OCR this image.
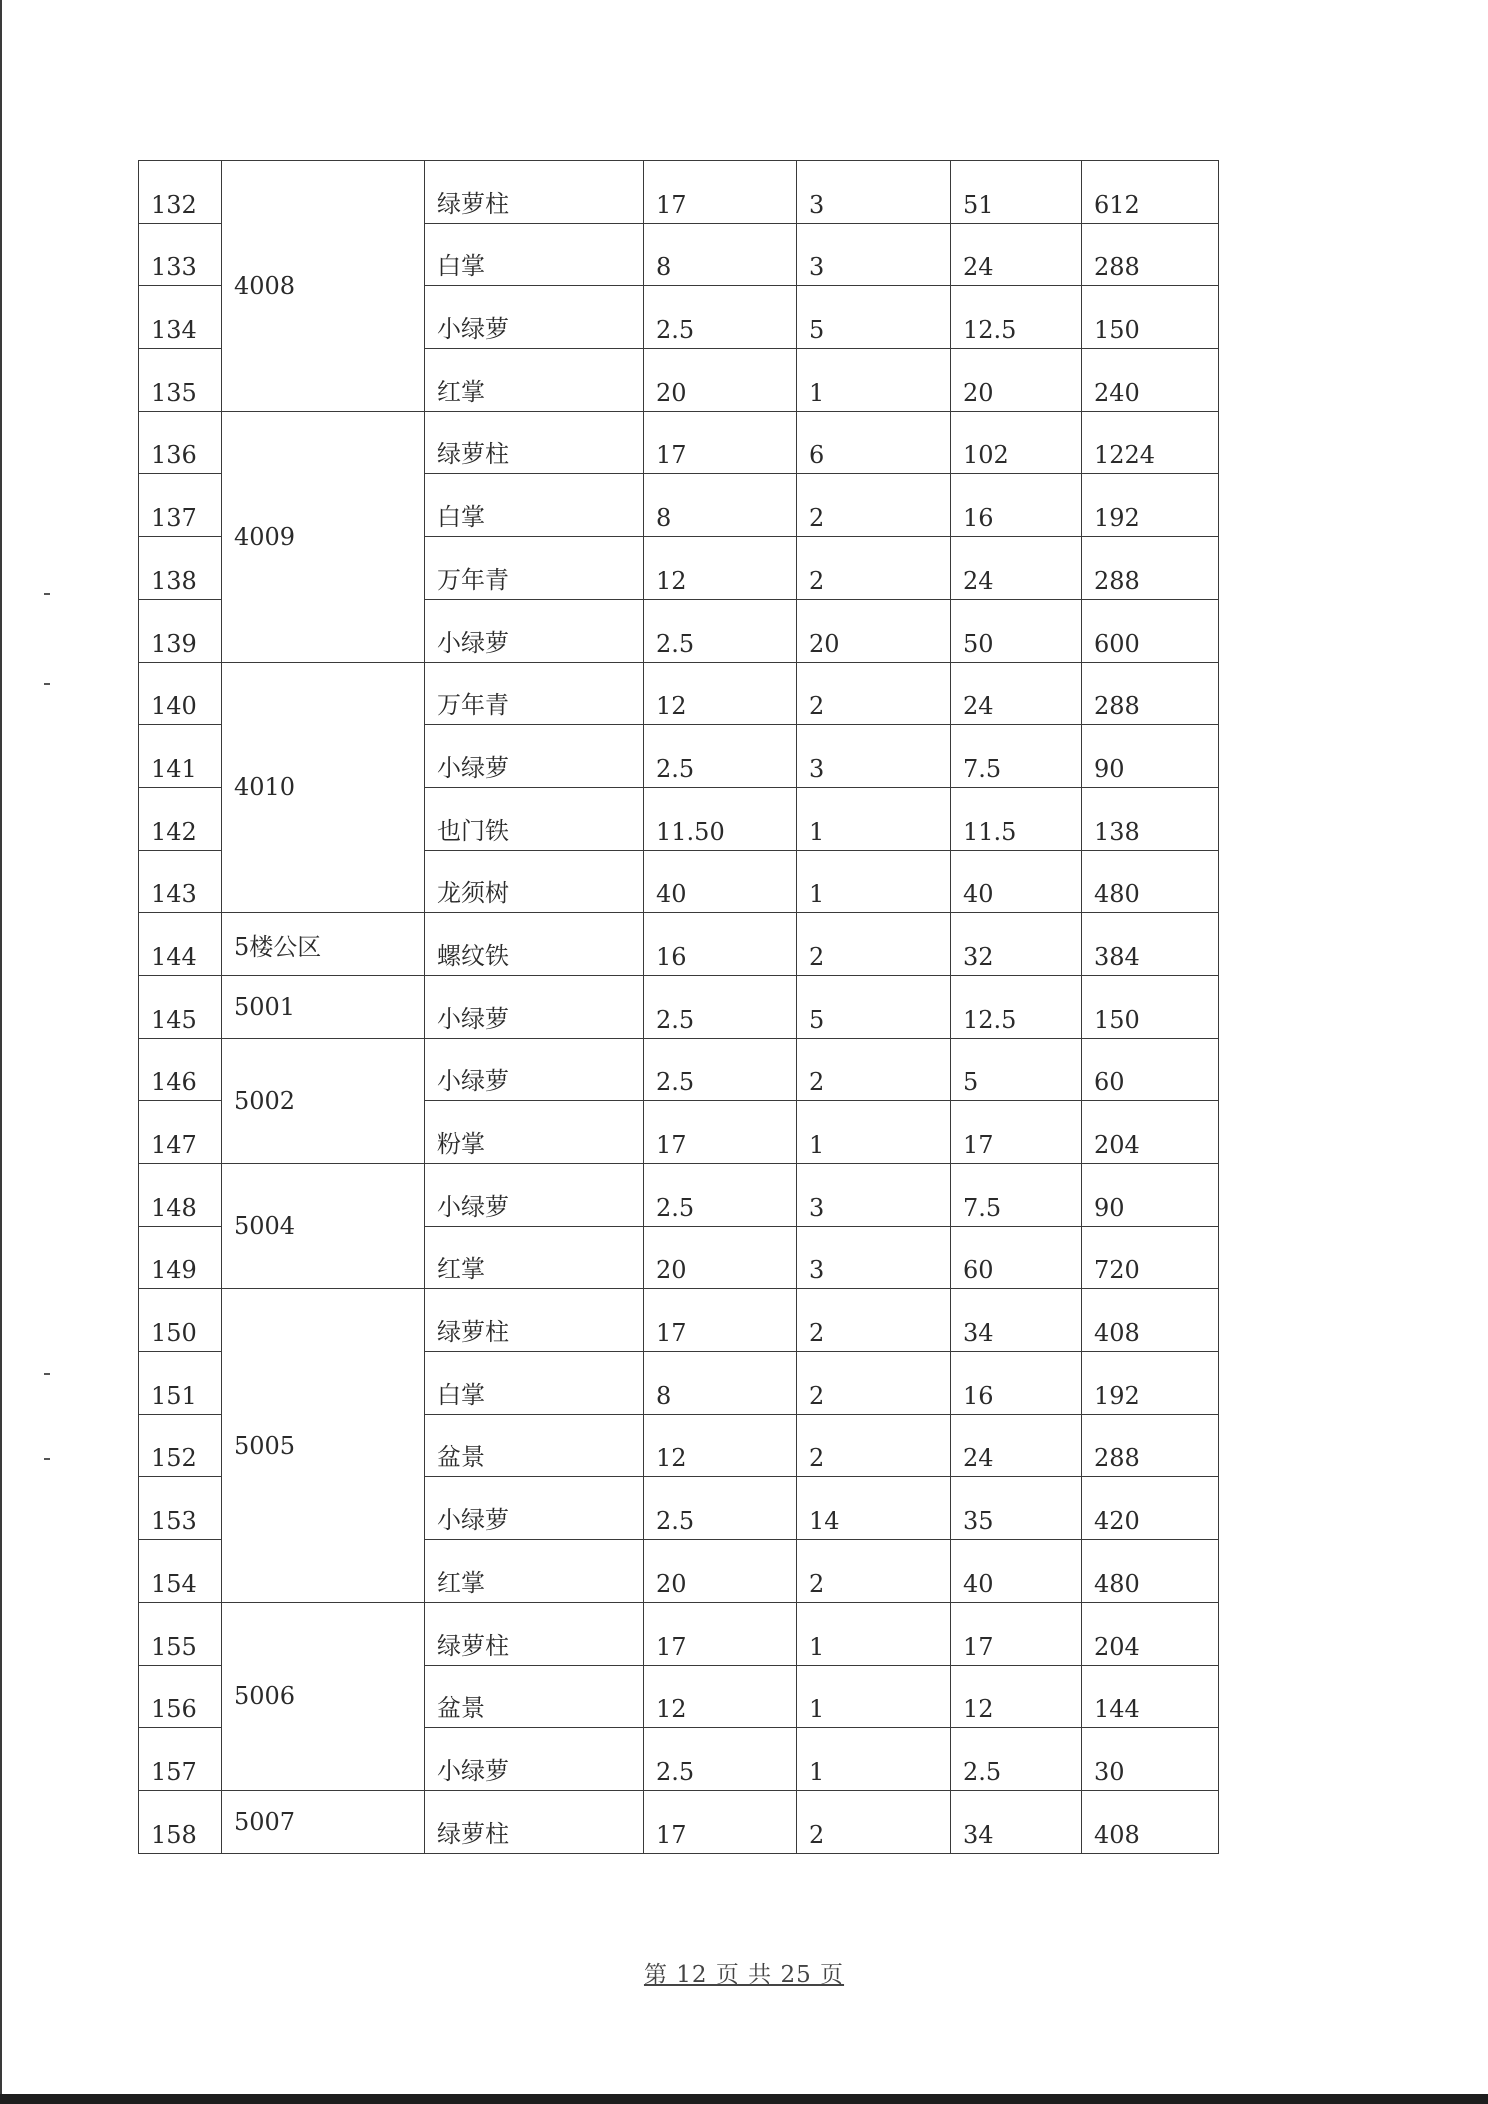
132	4008	绿萝柱	17	3	51	612
133		白掌	8	3	24	288
134		小绿萝	2.5	5	12.5	150
135		红掌	20	1	20	240
136	4009	绿萝柱	17	6	102	1224
137		白掌	8	2	16	192
138		万年青	12	2	24	288
139		小绿萝	2.5	20	50	600
140	4010	万年青	12	2	24	288
141		小绿萝	2.5	3	7.5	90
142		也门铁	11.50	1	11.5	138
143		龙须树	40	1	40	480
144	5楼公区	螺纹铁	16	2	32	384
145	5001	小绿萝	2.5	5	12.5	150
146	5002	小绿萝	2.5	2	5	60
147		粉掌	17	1	17	204
148	5004	小绿萝	2.5	3	7.5	90
149		红掌	20	3	60	720
150	5005	绿萝柱	17	2	34	408
151		白掌	8	2	16	192
152		盆景	12	2	24	288
153		小绿萝	2.5	14	35	420
154		红掌	20	2	40	480
155	5006	绿萝柱	17	1	17	204
156		盆景	12	1	12	144
157		小绿萝	2.5	1	2.5	30
158	5007	绿萝柱	17	2	34	408
第 12 页 共 25 页
